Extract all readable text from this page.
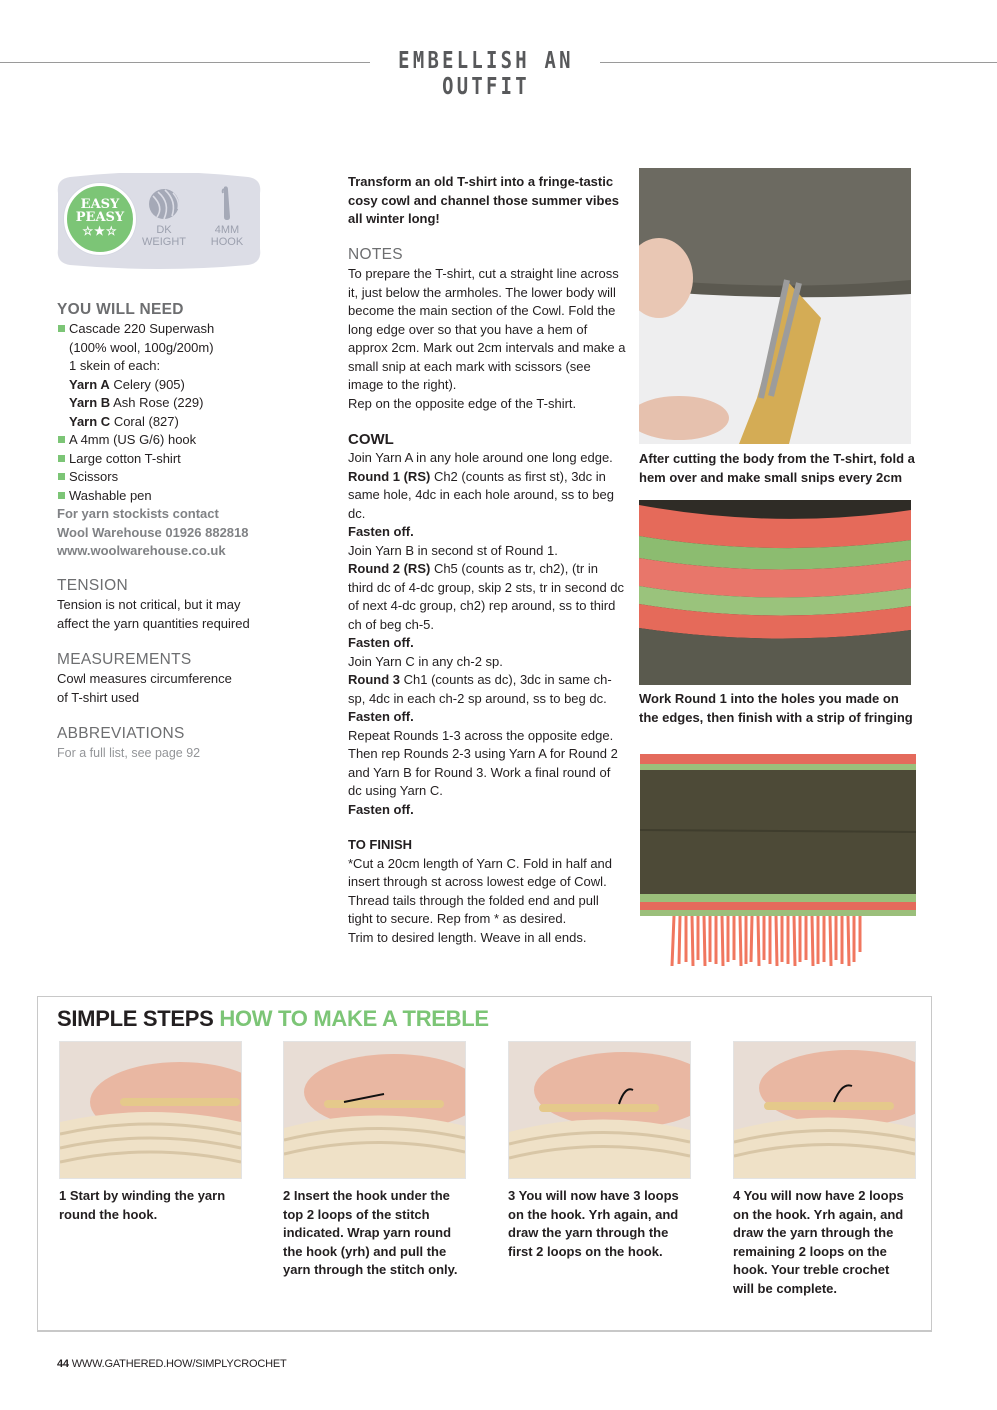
EMBELLISH AN OUTFIT
EASY
PEASY
☆★☆	DK
WEIGHT
4MM
HOOK
YOU WILL NEED
Cascade 220 Superwash
(100% wool, 100g/200m)
1 skein of each:
Yarn A Celery (905)
Yarn B Ash Rose (229)
Yarn C Coral (827)
A 4mm (US G/6) hook
Large cotton T-shirt
Scissors
Washable pen
For yarn stockists contact
Wool Warehouse 01926 882818
www.woolwarehouse.co.uk
TENSION
Tension is not critical, but it may
affect the yarn quantities required
MEASUREMENTS
Cowl measures circumference
of T-shirt used
ABBREVIATIONS
For a full list, see page 92

Transform an old T-shirt into a fringe-tastic cosy cowl and channel those summer vibes all winter long!

NOTES

To prepare the T-shirt, cut a straight line across it, just below the armholes. The lower body will become the main section of the Cowl. Fold the long edge over so that you have a hem of approx 2cm. Mark out 2cm intervals and make a small snip at each mark with scissors (see image to the right).

Rep on the opposite edge of the T-shirt.

COWL

Join Yarn A in any hole around one long edge.

Round 1 (RS) Ch2 (counts as first st), 3dc in same hole, 4dc in each hole around, ss to beg dc.

Fasten off.

Join Yarn B in second st of Round 1.

Round 2 (RS) Ch5 (counts as tr, ch2), (tr in third dc of 4-dc group, skip 2 sts, tr in second dc of next 4-dc group, ch2) rep around, ss to third ch of beg ch-5.

Fasten off.

Join Yarn C in any ch-2 sp.

Round 3 Ch1 (counts as dc), 3dc in same ch-sp, 4dc in each ch-2 sp around, ss to beg dc.

Fasten off.

Repeat Rounds 1-3 across the opposite edge. Then rep Rounds 2-3 using Yarn A for Round 2 and Yarn B for Round 3. Work a final round of dc using Yarn C.

Fasten off.

TO FINISH

*Cut a 20cm length of Yarn C. Fold in half and insert through st across lowest edge of Cowl. Thread tails through the folded end and pull tight to secure. Rep from * as desired.

Trim to desired length. Weave in all ends.

After cutting the body from the T-shirt, fold a hem over and make small snips every 2cm
Work Round 1 into the holes you made on the edges, then finish with a strip of fringing
SIMPLE STEPS HOW TO MAKE A TREBLE
1 Start by winding the yarn round the hook.
2 Insert the hook under the top 2 loops of the stitch indicated. Wrap yarn round the hook (yrh) and pull the yarn through the stitch only.
3 You will now have 3 loops on the hook. Yrh again, and draw the yarn through the first 2 loops on the hook.
4 You will now have 2 loops on the hook. Yrh again, and draw the yarn through the remaining 2 loops on the hook. Your treble crochet will be complete.
44 WWW.GATHERED.HOW/SIMPLYCROCHET
